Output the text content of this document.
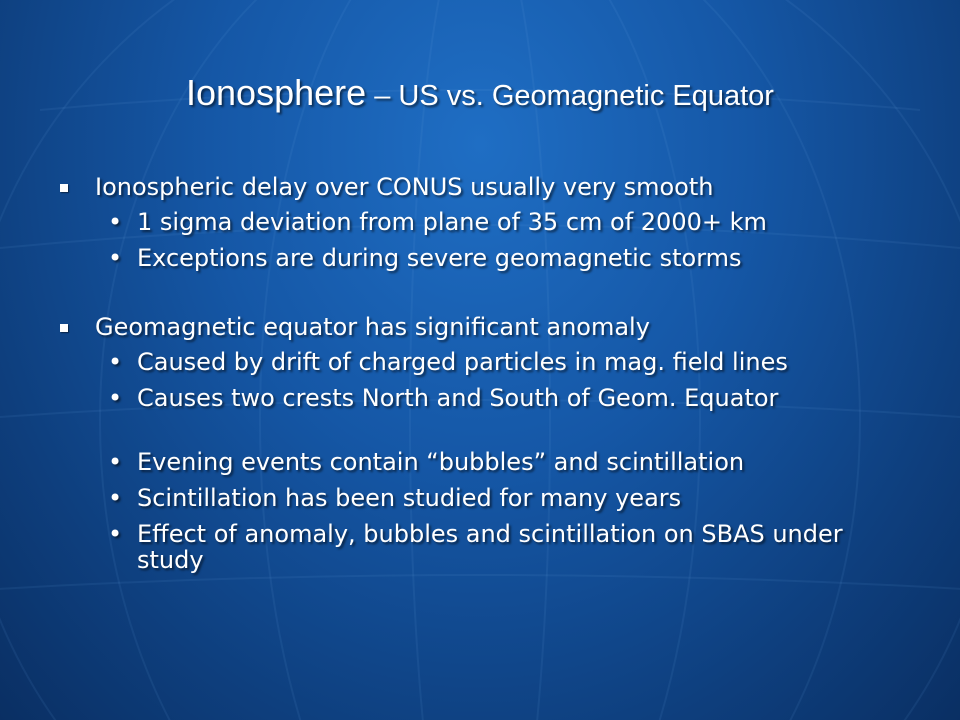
Ionosphere – US vs. Geomagnetic Equator
Ionospheric delay over CONUS usually very smooth
• 1 sigma deviation from plane of 35 cm of 2000+ km
• Exceptions are during severe geomagnetic storms
Geomagnetic equator has significant anomaly
• Caused by drift of charged particles in mag. field lines
• Causes two crests North and South of Geom. Equator
• Evening events contain “bubbles” and scintillation
• Scintillation has been studied for many years
• Effect of anomaly, bubbles and scintillation on SBAS under study
